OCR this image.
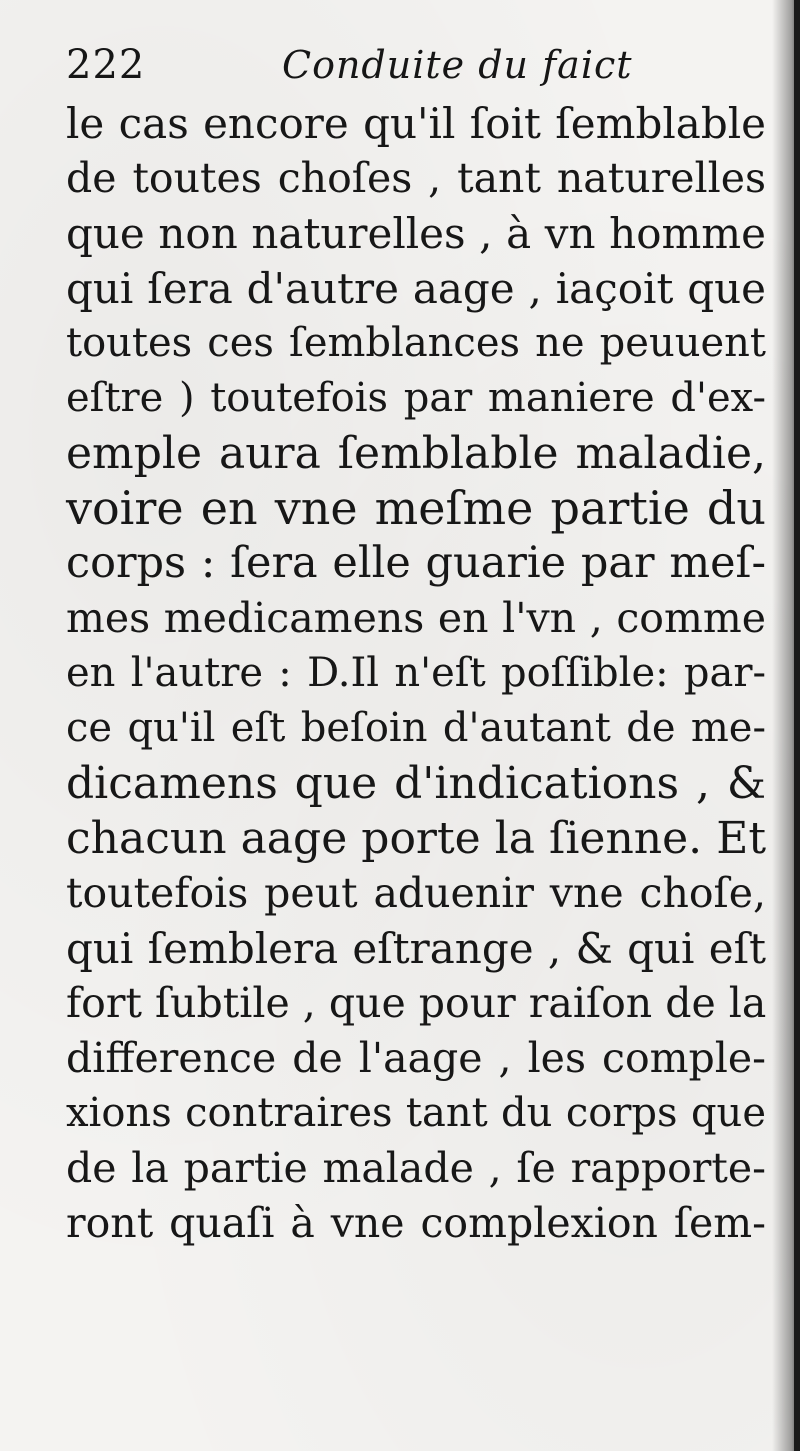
222	Conduite du faict
le cas encore qu'il ſoit ſemblable
de toutes choſes , tant naturelles
que non naturelles , à vn homme
qui ſera d'autre aage , iaçoit que
toutes ces ſemblances ne peuuent
eſtre ) toutefois par maniere d'ex-
emple aura ſemblable maladie,
voire en vne meſme partie du
corps : ſera elle guarie par meſ-
mes medicamens en l'vn , comme
en l'autre : D.Il n'eſt poſſible: par-
ce qu'il eſt beſoin d'autant de me-
dicamens que d'indications , &
chacun aage porte la ſienne. Et
toutefois peut aduenir vne choſe,
qui ſemblera eſtrange , & qui eſt
fort ſubtile , que pour raiſon de la
difference de l'aage , les comple-
xions contraires tant du corps que
de la partie malade , ſe rapporte-
ront quaſi à vne complexion ſem-
